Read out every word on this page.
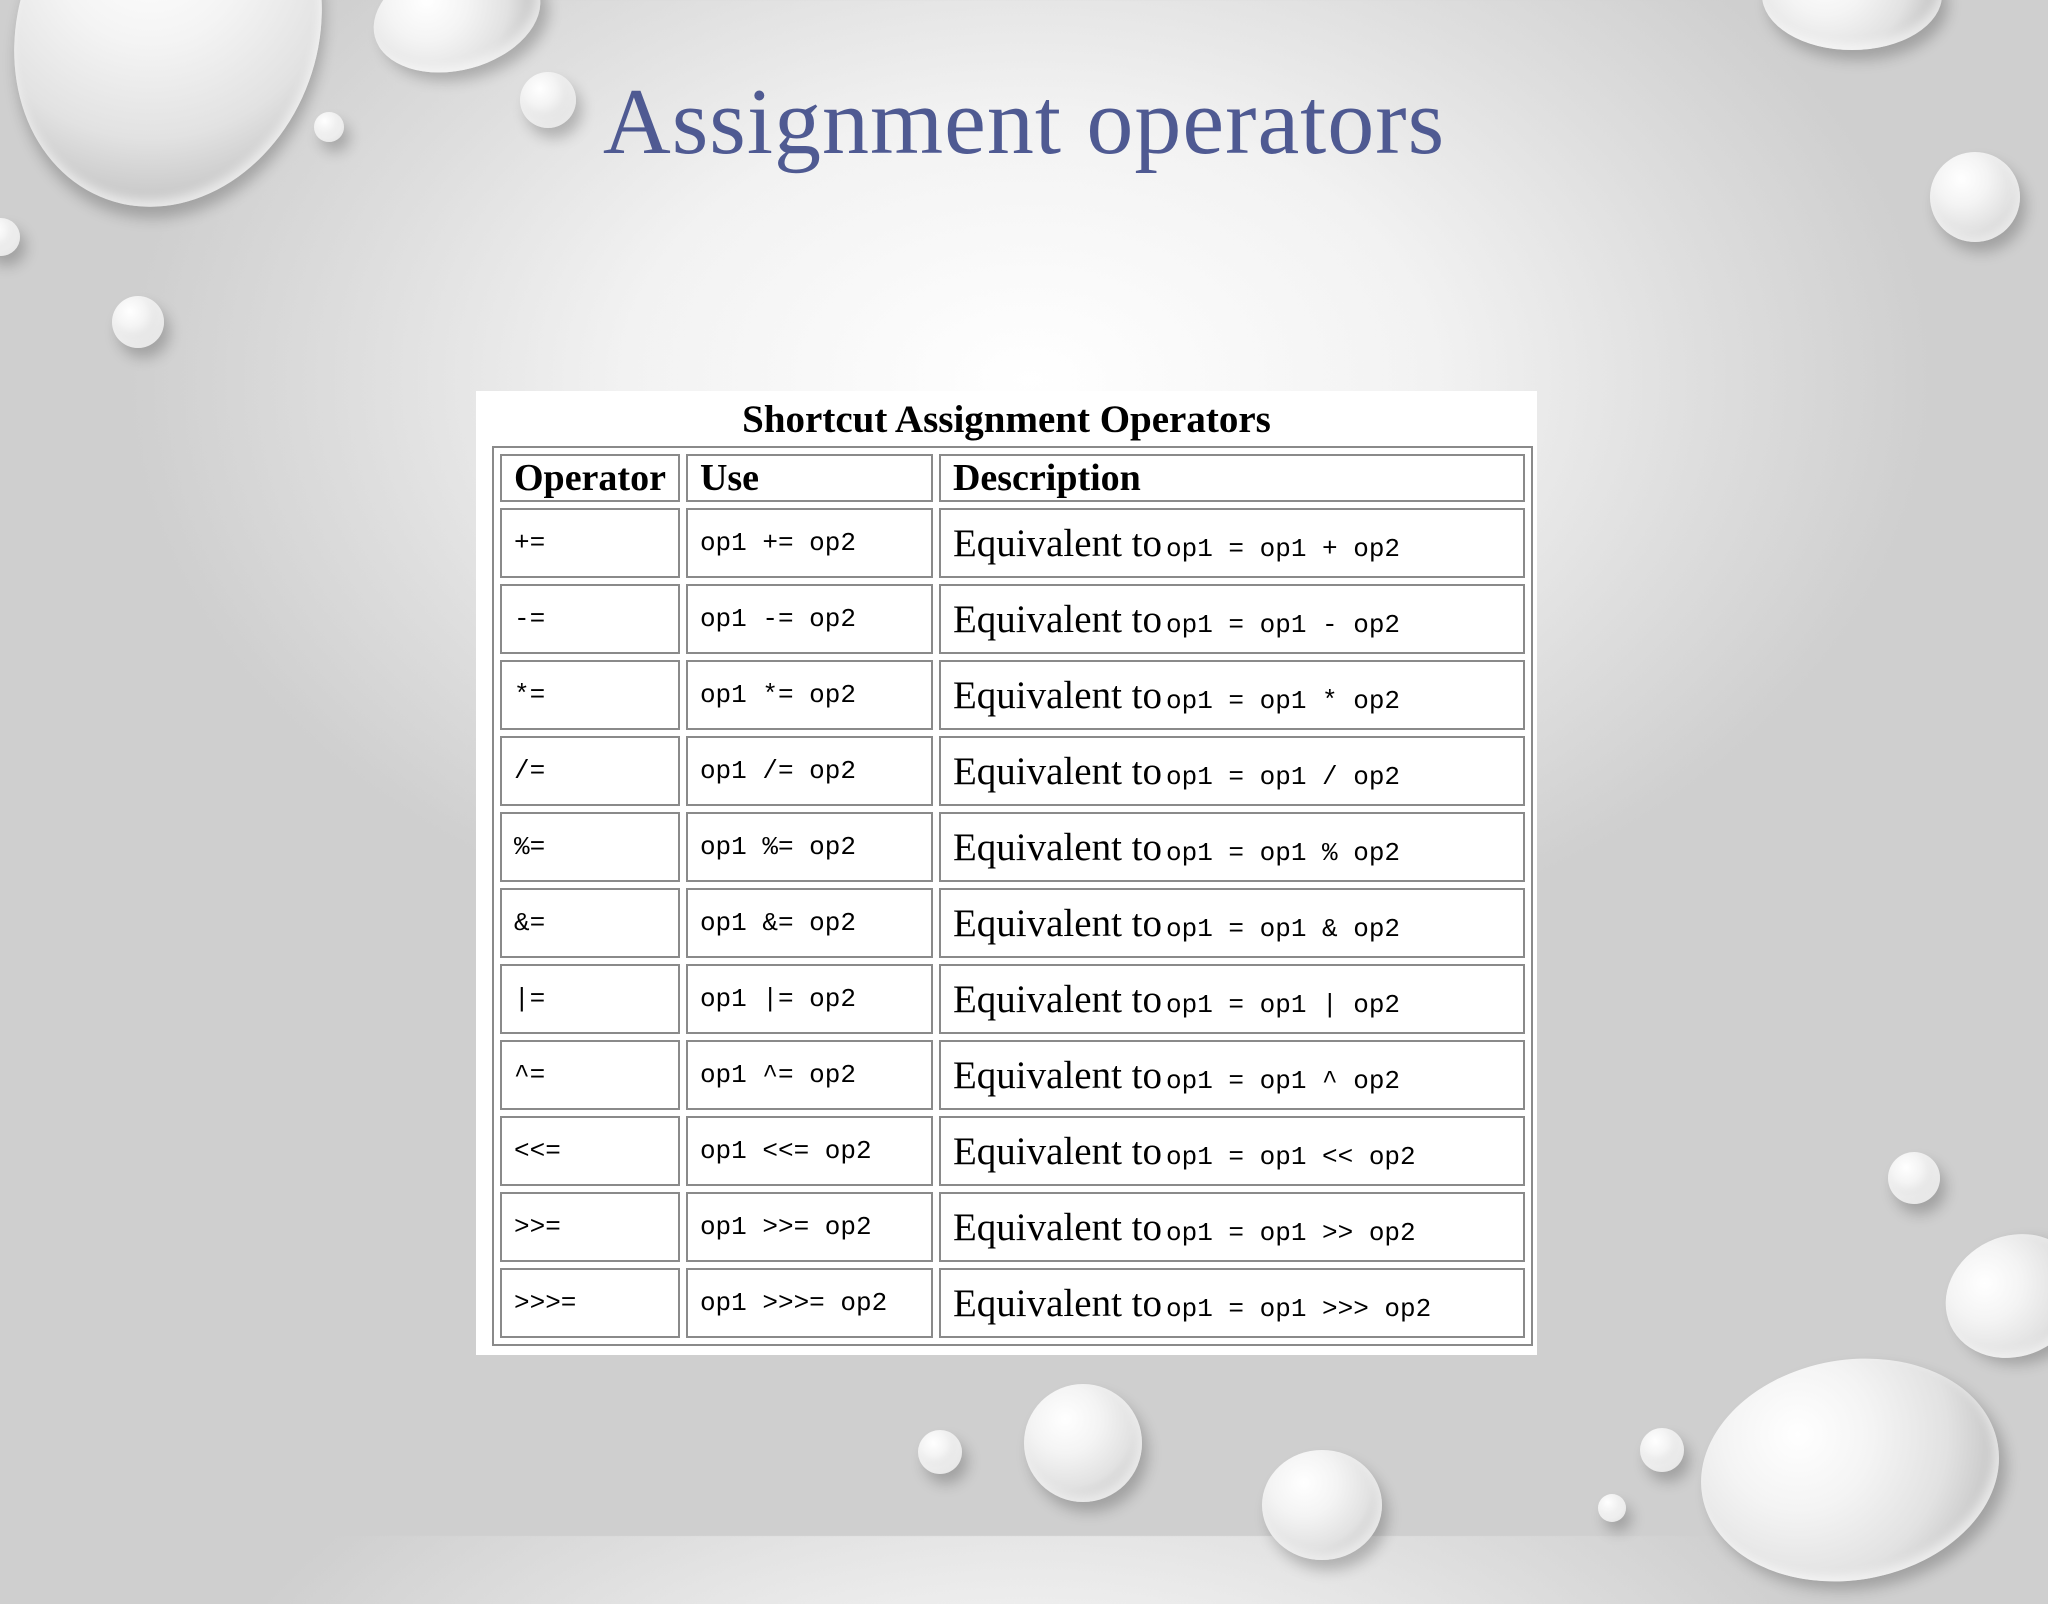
Assignment operators
Shortcut Assignment Operators
Operator	Use	Description
+=	op1 += op2	Equivalent to op1 = op1 + op2
-=	op1 -= op2	Equivalent to op1 = op1 - op2
*=	op1 *= op2	Equivalent to op1 = op1 * op2
/=	op1 /= op2	Equivalent to op1 = op1 / op2
%=	op1 %= op2	Equivalent to op1 = op1 % op2
&=	op1 &= op2	Equivalent to op1 = op1 & op2
|=	op1 |= op2	Equivalent to op1 = op1 | op2
^=	op1 ^= op2	Equivalent to op1 = op1 ^ op2
<<=	op1 <<= op2	Equivalent to op1 = op1 << op2
>>=	op1 >>= op2	Equivalent to op1 = op1 >> op2
>>>=	op1 >>>= op2	Equivalent to op1 = op1 >>> op2
